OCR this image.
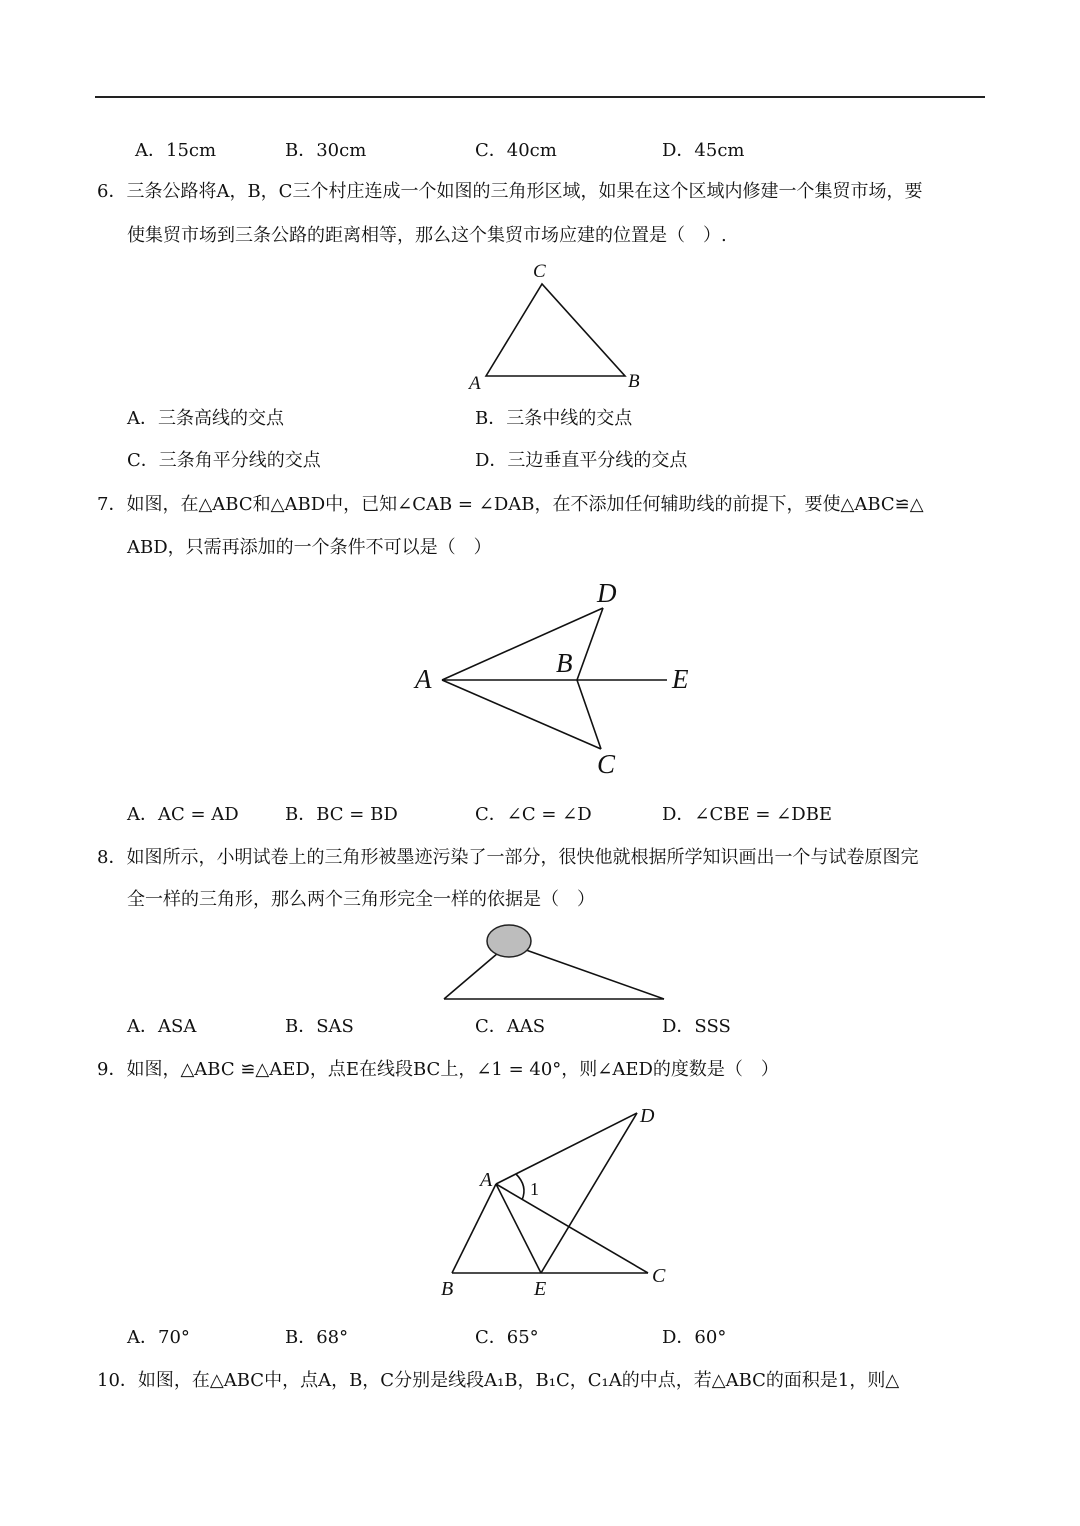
A．15cm	B．30cm	C．40cm	D．45cm
6．三条公路将A，B，C三个村庄连成一个如图的三角形区域，如果在这个区域内修建一个集贸市场，要
使集贸市场到三条公路的距离相等，那么这个集贸市场应建的位置是（　）.
A．三条高线的交点	B．三条中线的交点
C．三条角平分线的交点	D．三边垂直平分线的交点
7．如图，在△ABC和△ABD中，已知∠CAB = ∠DAB，在不添加任何辅助线的前提下，要使△ABC≌△
ABD，只需再添加的一个条件不可以是（　）
A．AC = AD	B．BC = BD	C．∠C = ∠D	D．∠CBE = ∠DBE
8．如图所示，小明试卷上的三角形被墨迹污染了一部分，很快他就根据所学知识画出一个与试卷原图完
全一样的三角形，那么两个三角形完全一样的依据是（　）
A．ASA	B．SAS	C．AAS	D．SSS
9．如图，△ABC ≌△AED，点E在线段BC上，∠1 = 40°，则∠AED的度数是（　）
A．70°	B．68°	C．65°	D．60°
10．如图，在△ABC中，点A，B，C分别是线段A₁B，B₁C，C₁A的中点，若△ABC的面积是1，则△
C
A	B
D
A
B
E
C
D
A 1
B	E
C
